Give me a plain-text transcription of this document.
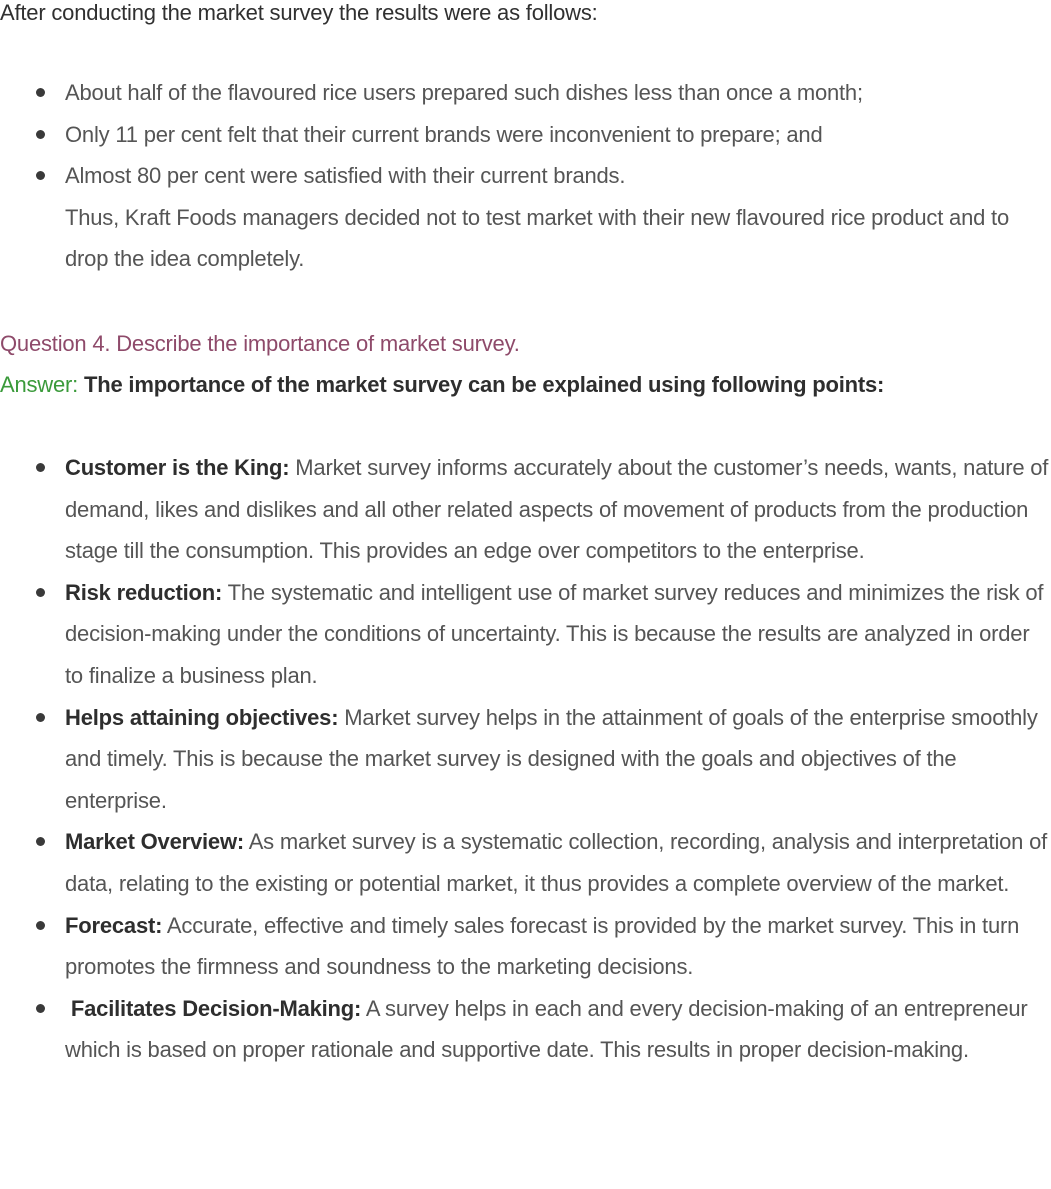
After conducting the market survey the results were as follows:
About half of the flavoured rice users prepared such dishes less than once a month;
Only 11 per cent felt that their current brands were inconvenient to prepare; and
Almost 80 per cent were satisfied with their current brands.
Thus, Kraft Foods managers decided not to test market with their new flavoured rice product and to drop the idea completely.
Question 4. Describe the importance of market survey.
Answer: The importance of the market survey can be explained using following points:
Customer is the King: Market survey informs accurately about the customer’s needs, wants, nature of demand, likes and dislikes and all other related aspects of movement of products from the production stage till the consumption. This provides an edge over competitors to the enterprise.
Risk reduction: The systematic and intelligent use of market survey reduces and minimizes the risk of decision-making under the conditions of uncertainty. This is because the results are analyzed in order to finalize a business plan.
Helps attaining objectives: Market survey helps in the attainment of goals of the enterprise smoothly and timely. This is because the market survey is designed with the goals and objectives of the enterprise.
Market Overview: As market survey is a systematic collection, recording, analysis and interpretation of data, relating to the existing or potential market, it thus provides a complete overview of the market.
Forecast: Accurate, effective and timely sales forecast is provided by the market survey. This in turn promotes the firmness and soundness to the marketing decisions.
Facilitates Decision-Making: A survey helps in each and every decision-making of an entrepreneur which is based on proper rationale and supportive date. This results in proper decision-making.
